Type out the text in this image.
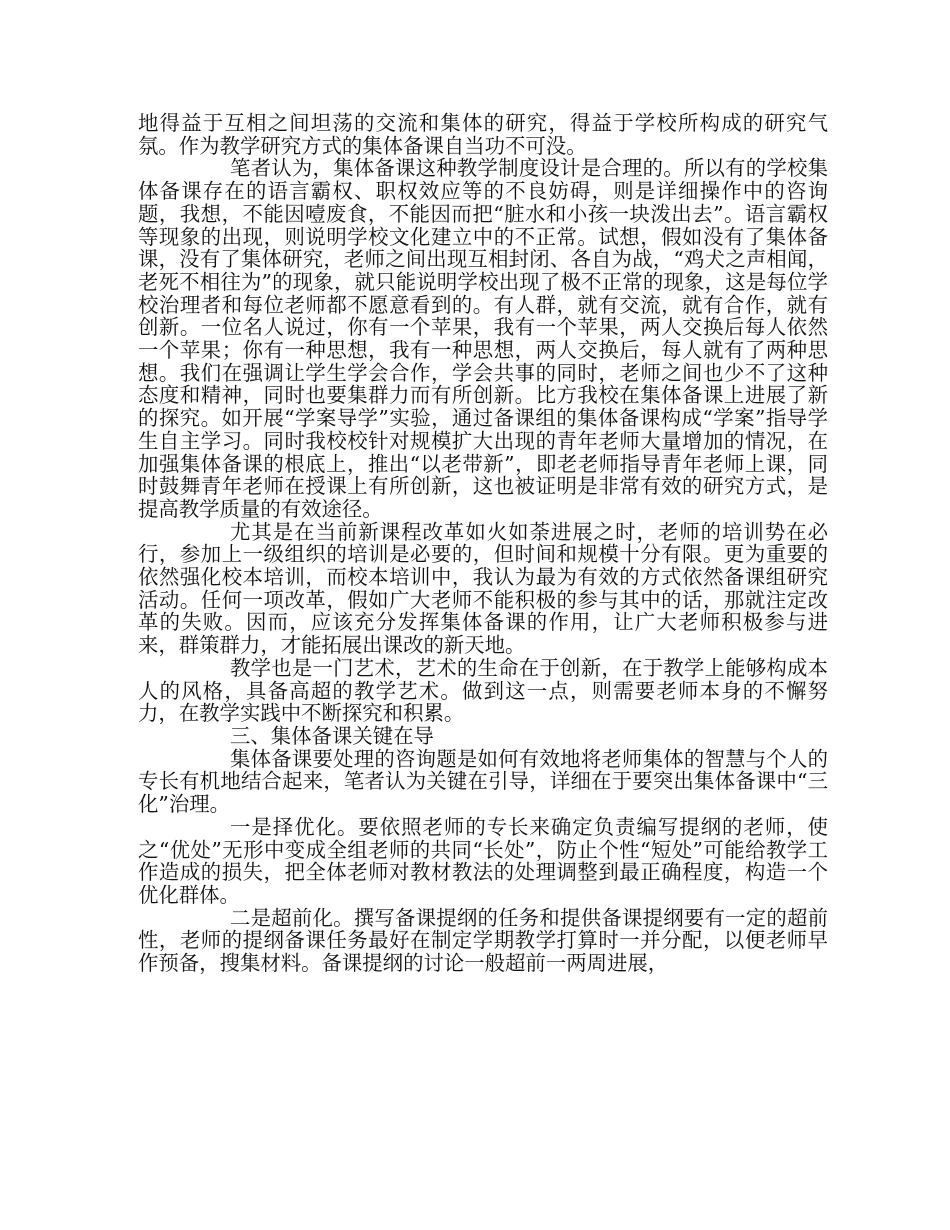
地得益于互相之间坦荡的交流和集体的研究，得益于学校所构成的研究气氛。作为教学研究方式的集体备课自当功不可没。

笔者认为，集体备课这种教学制度设计是合理的。所以有的学校集体备课存在的语言霸权、职权效应等的不良妨碍，则是详细操作中的咨询题，我想，不能因噎废食，不能因而把“脏水和小孩一块泼出去”。语言霸权等现象的出现，则说明学校文化建立中的不正常。试想，假如没有了集体备课，没有了集体研究，老师之间出现互相封闭、各自为战，“鸡犬之声相闻，老死不相往为”的现象，就只能说明学校出现了极不正常的现象，这是每位学校治理者和每位老师都不愿意看到的。有人群，就有交流，就有合作，就有创新。一位名人说过，你有一个苹果，我有一个苹果，两人交换后每人依然一个苹果；你有一种思想，我有一种思想，两人交换后，每人就有了两种思想。我们在强调让学生学会合作，学会共事的同时，老师之间也少不了这种态度和精神，同时也要集群力而有所创新。比方我校在集体备课上进展了新的探究。如开展“学案导学”实验，通过备课组的集体备课构成“学案”指导学生自主学习。同时我校校针对规模扩大出现的青年老师大量增加的情况，在加强集体备课的根底上，推出“以老带新”，即老老师指导青年老师上课，同时鼓舞青年老师在授课上有所创新，这也被证明是非常有效的研究方式，是提高教学质量的有效途径。

尤其是在当前新课程改革如火如荼进展之时，老师的培训势在必行，参加上一级组织的培训是必要的，但时间和规模十分有限。更为重要的依然强化校本培训，而校本培训中，我认为最为有效的方式依然备课组研究活动。任何一项改革，假如广大老师不能积极的参与其中的话，那就注定改革的失败。因而，应该充分发挥集体备课的作用，让广大老师积极参与进来，群策群力，才能拓展出课改的新天地。

教学也是一门艺术，艺术的生命在于创新，在于教学上能够构成本人的风格，具备高超的教学艺术。做到这一点，则需要老师本身的不懈努力，在教学实践中不断探究和积累。

三、集体备课关键在导

集体备课要处理的咨询题是如何有效地将老师集体的智慧与个人的专长有机地结合起来，笔者认为关键在引导，详细在于要突出集体备课中“三化”治理。

一是择优化。要依照老师的专长来确定负责编写提纲的老师，使之“优处”无形中变成全组老师的共同“长处”，防止个性“短处”可能给教学工作造成的损失，把全体老师对教材教法的处理调整到最正确程度，构造一个优化群体。

二是超前化。撰写备课提纲的任务和提供备课提纲要有一定的超前性，老师的提纲备课任务最好在制定学期教学打算时一并分配，以便老师早作预备，搜集材料。备课提纲的讨论一般超前一两周进展，
